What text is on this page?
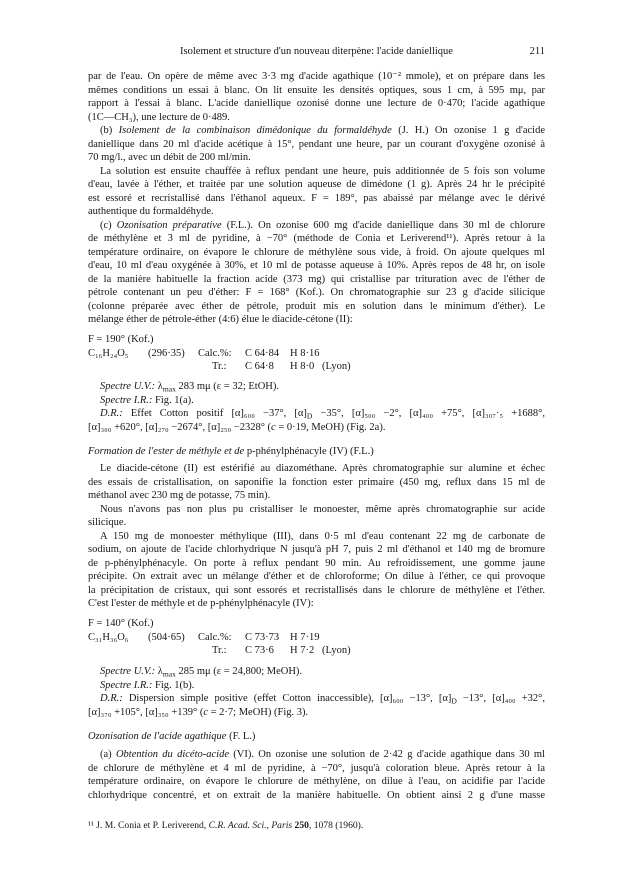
Isolement et structure d'un nouveau diterpène: l'acide daniellique	211
par de l'eau. On opère de même avec 3·3 mg d'acide agathique (10⁻² mmole), et on prépare dans les
mêmes conditions un essai à blanc. On lit ensuite les densités optiques, sous 1 cm, à 595 mμ, par
rapport à l'essai à blanc. L'acide daniellique ozonisé donne une lecture de 0·470; l'acide agathique
(1C—CH₃), une lecture de 0·489.
(b) Isolement de la combinaison dimédonique du formaldéhyde (J. H.) On ozonise 1 g d'acide
daniellique dans 20 ml d'acide acétique à 15°, pendant une heure, par un courant d'oxygène ozonisé à
70 mg/l., avec un débit de 200 ml/min.
La solution est ensuite chauffée à reflux pendant une heure, puis additionnée de 5 fois son volume
d'eau, lavée à l'éther, et traitée par une solution aqueuse de dimédone (1 g). Après 24 hr le précipité
est essoré et recristallisé dans l'éthanol aqueux. F = 189°, pas abaissé par mélange avec le dérivé
authentique du formaldéhyde.
(c) Ozonisation préparative (F.L.). On ozonise 600 mg d'acide daniellique dans 30 ml de chlorure
de méthylène et 3 ml de pyridine, à −70° (méthode de Conia et Leriverend¹¹). Après retour à la
température ordinaire, on évapore le chlorure de méthylène sous vide, à froid. On ajoute quelques ml
d'eau, 10 ml d'eau oxygénée à 30%, et 10 ml de potasse aqueuse à 10%. Après repos de 48 hr, on isole
de la manière habituelle la fraction acide (373 mg) qui cristallise par trituration avec de l'éther de
pétrole contenant un peu d'éther: F = 168° (Kof.). On chromatographie sur 23 g d'acide silicique
(colonne préparée avec éther de pétrole, produit mis en solution dans le minimum d'éther). Le
mélange éther de pétrole-éther (4:6) élue le diacide-cétone (II):
F = 190° (Kof.)
C₁₆H₂₄O₅ (296·35) Calc.%: C 64·84 H 8·16
Tr.: C 64·8 H 8·0 (Lyon)
Spectre U.V.: $\lambda_{max}$ 283 mμ (ε = 32; EtOH).
Spectre I.R.: Fig. 1(a).
D.R.: Effet Cotton positif [α]₆₀₀ −37°, $[\alpha]_D -35^\circ$, [α]₅₀₀ −2°, [α]₄₀₀ +75°, [α]₃₀₇·₅ +1688°,
[α]₃₀₀ +620°, [α]₂₇₀ −2674°, [α]₂₅₀ −2328° (c = 0·19, MeOH) (Fig. 2a).
Formation de l'ester de méthyle et de p-phénylphénacyle (IV) (F.L.)
Le diacide-cétone (II) est estérifié au diazométhane. Après chromatographie sur alumine et échec
des essais de cristallisation, on saponifie la fonction ester primaire (450 mg, reflux dans 15 ml de
méthanol avec 230 mg de potasse, 75 min).
Nous n'avons pas non plus pu cristalliser le monoester, même après chromatographie sur acide
silicique.
A 150 mg de monoester méthylique (III), dans 0·5 ml d'eau contenant 22 mg de carbonate de
sodium, on ajoute de l'acide chlorhydrique N jusqu'à pH 7, puis 2 ml d'éthanol et 140 mg de bromure
de p-phénylphénacyle. On porte à reflux pendant 90 min. Au refroidissement, une gomme jaune
précipite. On extrait avec un mélange d'éther et de chloroforme; On dilue à l'éther, ce qui provoque
la précipitation de cristaux, qui sont essorés et recristallisés dans le chlorure de méthylène et l'éther.
C'est l'ester de méthyle et de p-phénylphénacyle (IV):
F = 140° (Kof.)
C₃₁H₃₆O₆ (504·65) Calc.%: C 73·73 H 7·19
Tr.: C 73·6 H 7·2 (Lyon)
Spectre U.V.: $\lambda_{max}$ 285 mμ (ε = 24,800; MeOH).
Spectre I.R.: Fig. 1(b).
D.R.: Dispersion simple positive (effet Cotton inaccessible), [α]₆₀₀ −13°, $[\alpha]_D -13^\circ$, [α]₄₀₀ +32°,
[α]₃₇₀ +105°, [α]₃₅₀ +139° (c = 2·7; MeOH) (Fig. 3).
Ozonisation de l'acide agathique (F. L.)
(a) Obtention du dicéto-acide (VI). On ozonise une solution de 2·42 g d'acide agathique dans 30 ml
de chlorure de méthylène et 4 ml de pyridine, à −70°, jusqu'à coloration bleue. Après retour à la
température ordinaire, on évapore le chlorure de méthylène, on dilue à l'eau, on acidifie par l'acide
chlorhydrique concentré, et on extrait de la manière habituelle. On obtient ainsi 2 g d'une masse
¹¹ J. M. Conia et P. Leriverend, C.R. Acad. Sci., Paris 250, 1078 (1960).
